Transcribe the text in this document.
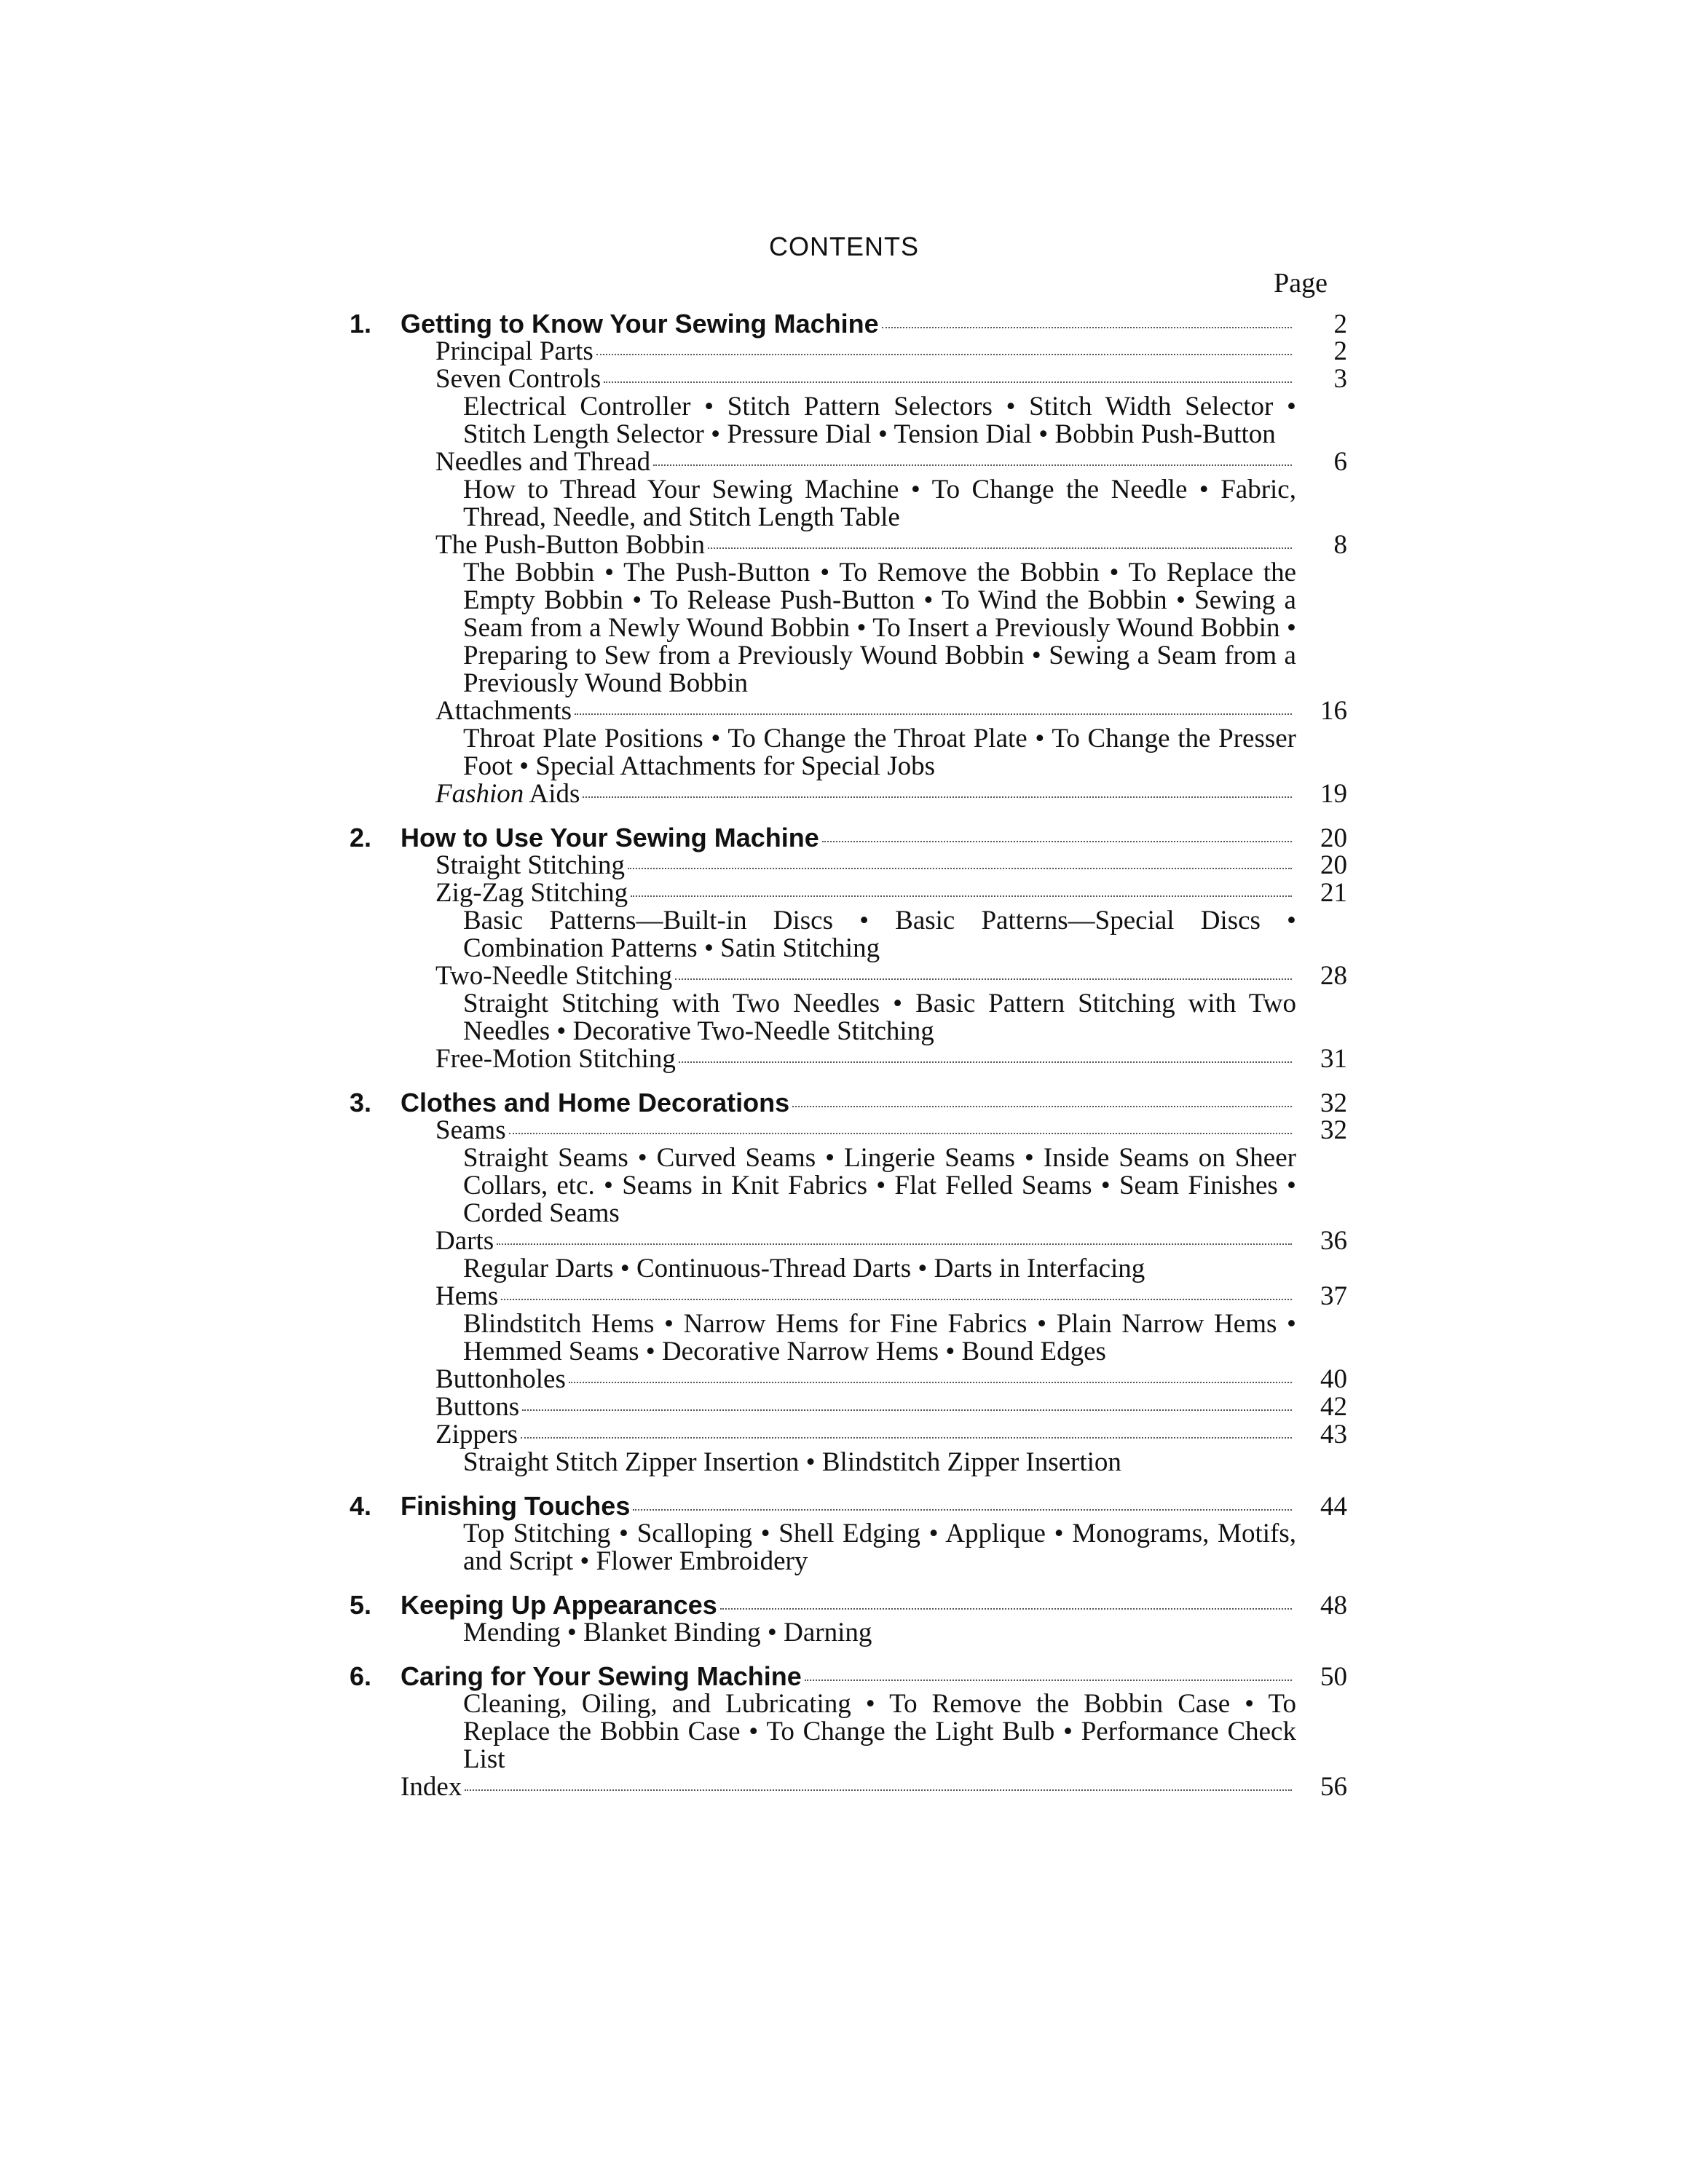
CONTENTS
Page
1.	Getting to Know Your Sewing Machine	2
Principal Parts	2
Seven Controls	3
Electrical Controller • Stitch Pattern Selectors • Stitch Width Selector• Stitch Length Selector • Pressure Dial • Tension Dial • Bobbin Push-Button
Needles and Thread	6
How to Thread Your Sewing Machine • To Change the Needle • Fabric, Thread, Needle, and Stitch Length Table
The Push-Button Bobbin	8
The Bobbin • The Push-Button • To Remove the Bobbin • To Replace the Empty Bobbin • To Release Push-Button • To Wind the Bobbin • Sewing a Seam from a Newly Wound Bobbin • To Insert a Previously Wound Bobbin• Preparing to Sew from a Previously Wound Bobbin • Sewing a Seam from a Previously Wound Bobbin
Attachments	16
Throat Plate Positions • To Change the Throat Plate • To Change the Presser Foot • Special Attachments for Special Jobs
Fashion Aids	19
2.	How to Use Your Sewing Machine	20
Straight Stitching	20
Zig-Zag Stitching	21
Basic Patterns—Built-in Discs • Basic Patterns—Special Discs• Combination Patterns • Satin Stitching
Two-Needle Stitching	28
Straight Stitching with Two Needles • Basic Pattern Stitching with Two Needles • Decorative Two-Needle Stitching
Free-Motion Stitching	31
3.	Clothes and Home Decorations	32
Seams	32
Straight Seams • Curved Seams • Lingerie Seams • Inside Seams on Sheer Collars, etc. • Seams in Knit Fabrics • Flat Felled Seams • Seam Finishes• Corded Seams
Darts	36
Regular Darts • Continuous-Thread Darts • Darts in Interfacing
Hems	37
Blindstitch Hems • Narrow Hems for Fine Fabrics • Plain Narrow Hems• Hemmed Seams • Decorative Narrow Hems • Bound Edges
Buttonholes	40
Buttons	42
Zippers	43
Straight Stitch Zipper Insertion • Blindstitch Zipper Insertion
4.	Finishing Touches	44
Top Stitching • Scalloping • Shell Edging • Applique • Monograms, Motifs, and Script • Flower Embroidery
5.	Keeping Up Appearances	48
Mending • Blanket Binding • Darning
6.	Caring for Your Sewing Machine	50
Cleaning, Oiling, and Lubricating • To Remove the Bobbin Case • To Replace the Bobbin Case • To Change the Light Bulb • Performance Check List
Index	56
